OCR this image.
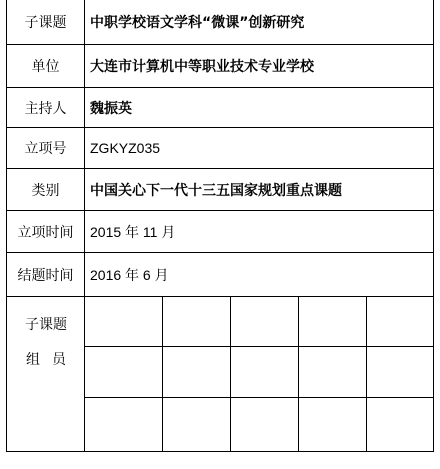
子课题	中职学校语文学科“微课”创新研究
单位	大连市计算机中等职业技术专业学校
主持人	魏振英
立项号	ZGKYZ035
类别	中国关心下一代十三五国家规划重点课题
立项时间	2015 年 11 月
结题时间	2016 年 6 月
子课题
组员
